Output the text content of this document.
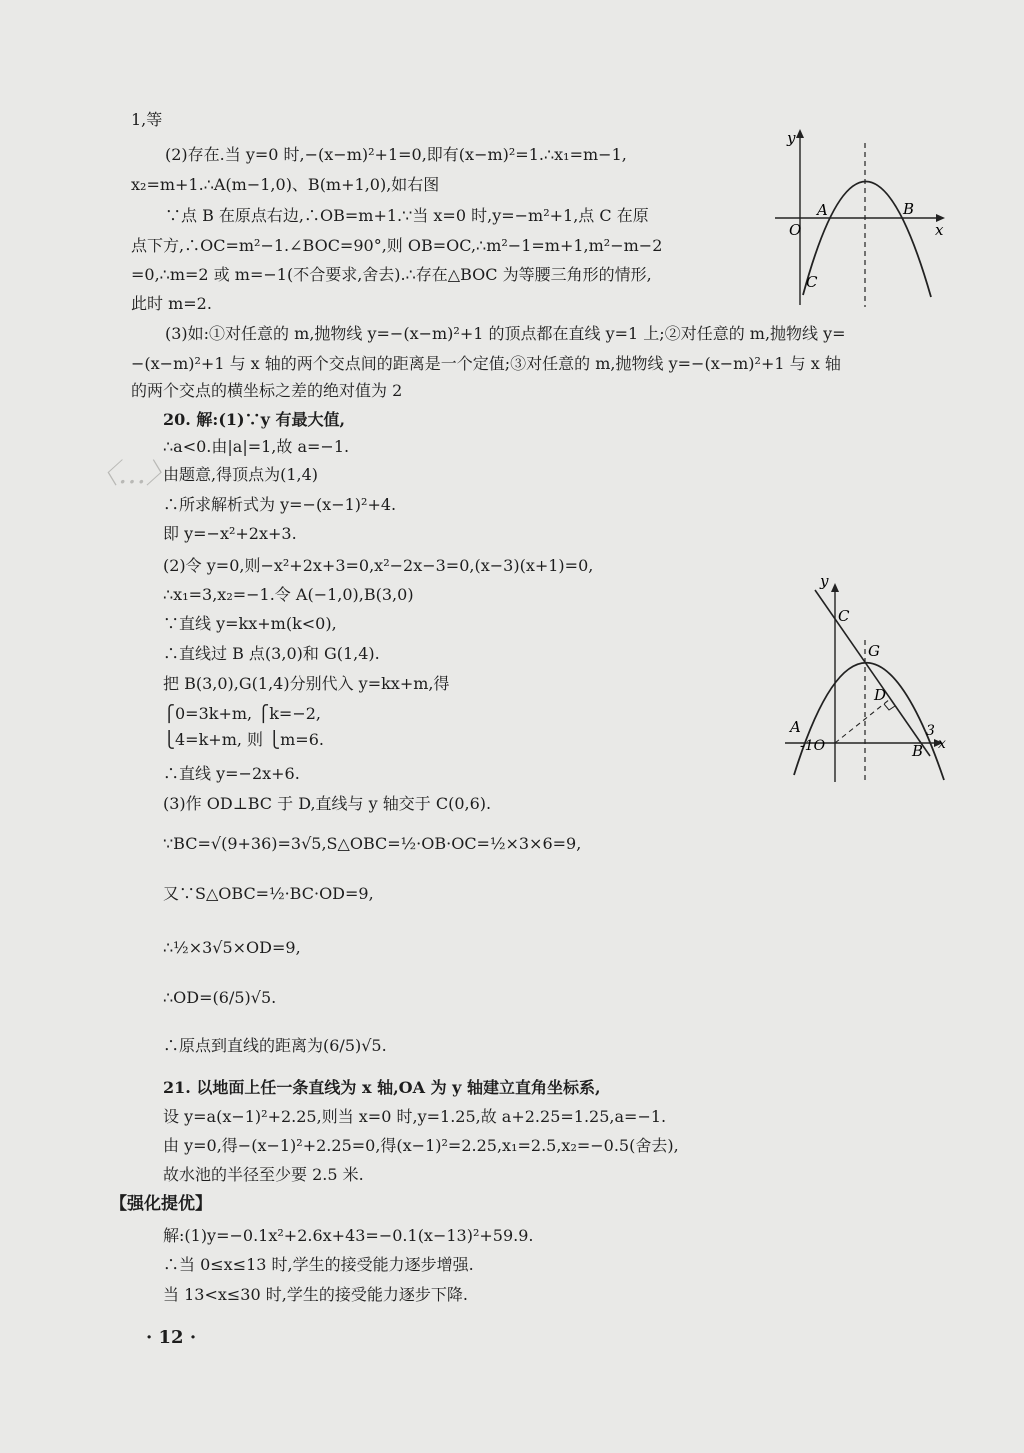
〈…〉
1,等
(2)存在.当 y=0 时,−(x−m)²+1=0,即有(x−m)²=1.∴x₁=m−1,
x₂=m+1.∴A(m−1,0)、B(m+1,0),如右图
∵点 B 在原点右边,∴OB=m+1.∵当 x=0 时,y=−m²+1,点 C 在原
点下方,∴OC=m²−1.∠BOC=90°,则 OB=OC,∴m²−1=m+1,m²−m−2
=0,∴m=2 或 m=−1(不合要求,舍去).∴存在△BOC 为等腰三角形的情形,
此时 m=2.
(3)如:①对任意的 m,抛物线 y=−(x−m)²+1 的顶点都在直线 y=1 上;②对任意的 m,抛物线 y=
−(x−m)²+1 与 x 轴的两个交点间的距离是一个定值;③对任意的 m,抛物线 y=−(x−m)²+1 与 x 轴
的两个交点的横坐标之差的绝对值为 2
20. 解:(1)∵y 有最大值,
∴a<0.由|a|=1,故 a=−1.
由题意,得顶点为(1,4)
∴所求解析式为 y=−(x−1)²+4.
即 y=−x²+2x+3.
(2)令 y=0,则−x²+2x+3=0,x²−2x−3=0,(x−3)(x+1)=0,
∴x₁=3,x₂=−1.令 A(−1,0),B(3,0)
∵直线 y=kx+m(k<0),
∴直线过 B 点(3,0)和 G(1,4).
把 B(3,0),G(1,4)分别代入 y=kx+m,得
⎧0=3k+m, ⎧k=−2,
⎩4=k+m, 则 ⎩m=6.
∴直线 y=−2x+6.
(3)作 OD⊥BC 于 D,直线与 y 轴交于 C(0,6).
∵BC=√(9+36)=3√5,S△OBC=½·OB·OC=½×3×6=9,
又∵S△OBC=½·BC·OD=9,
∴½×3√5×OD=9,
∴OD=(6/5)√5.
∴原点到直线的距离为(6/5)√5.
21. 以地面上任一条直线为 x 轴,OA 为 y 轴建立直角坐标系,
设 y=a(x−1)²+2.25,则当 x=0 时,y=1.25,故 a+2.25=1.25,a=−1.
由 y=0,得−(x−1)²+2.25=0,得(x−1)²=2.25,x₁=2.5,x₂=−0.5(舍去),
故水池的半径至少要 2.5 米.
【强化提优】
解:(1)y=−0.1x²+2.6x+43=−0.1(x−13)²+59.9.
∴当 0≤x≤13 时,学生的接受能力逐步增强.
当 13<x≤30 时,学生的接受能力逐步下降.
· 12 ·
y
O	x
A	B
C
y
C
G
D
A
-1O
3
x
B
